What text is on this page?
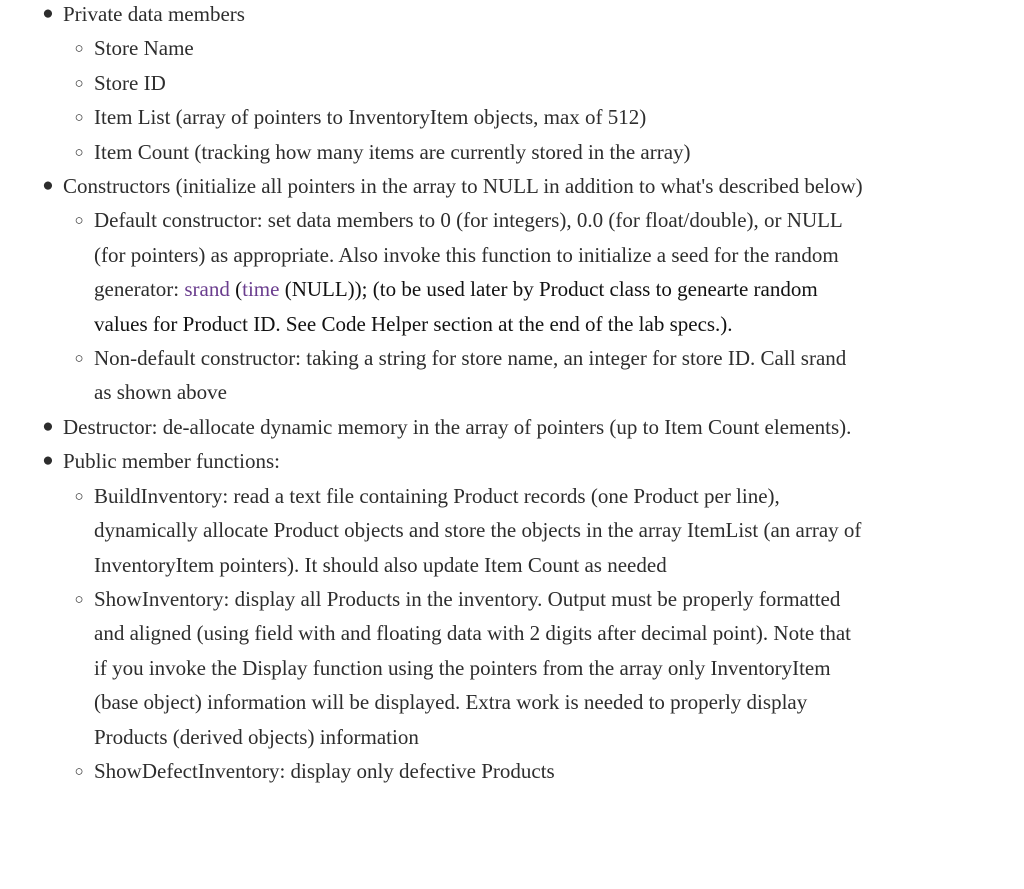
● Private data members
○ Store Name
○ Store ID
○ Item List (array of pointers to InventoryItem objects, max of 512)
○ Item Count (tracking how many items are currently stored in the array)
● Constructors (initialize all pointers in the array to NULL in addition to what's described below)
○ Default constructor: set data members to 0 (for integers), 0.0 (for float/double), or NULL (for pointers) as appropriate. Also invoke this function to initialize a seed for the random generator: srand (time (NULL)); (to be used later by Product class to genearte random values for Product ID. See Code Helper section at the end of the lab specs.).
○ Non-default constructor: taking a string for store name, an integer for store ID. Call srand as shown above
● Destructor: de-allocate dynamic memory in the array of pointers (up to Item Count elements).
● Public member functions:
○ BuildInventory: read a text file containing Product records (one Product per line), dynamically allocate Product objects and store the objects in the array ItemList (an array of InventoryItem pointers). It should also update Item Count as needed
○ ShowInventory: display all Products in the inventory. Output must be properly formatted and aligned (using field with and floating data with 2 digits after decimal point). Note that if you invoke the Display function using the pointers from the array only InventoryItem (base object) information will be displayed. Extra work is needed to properly display Products (derived objects) information
○ ShowDefectInventory: display only defective Products
